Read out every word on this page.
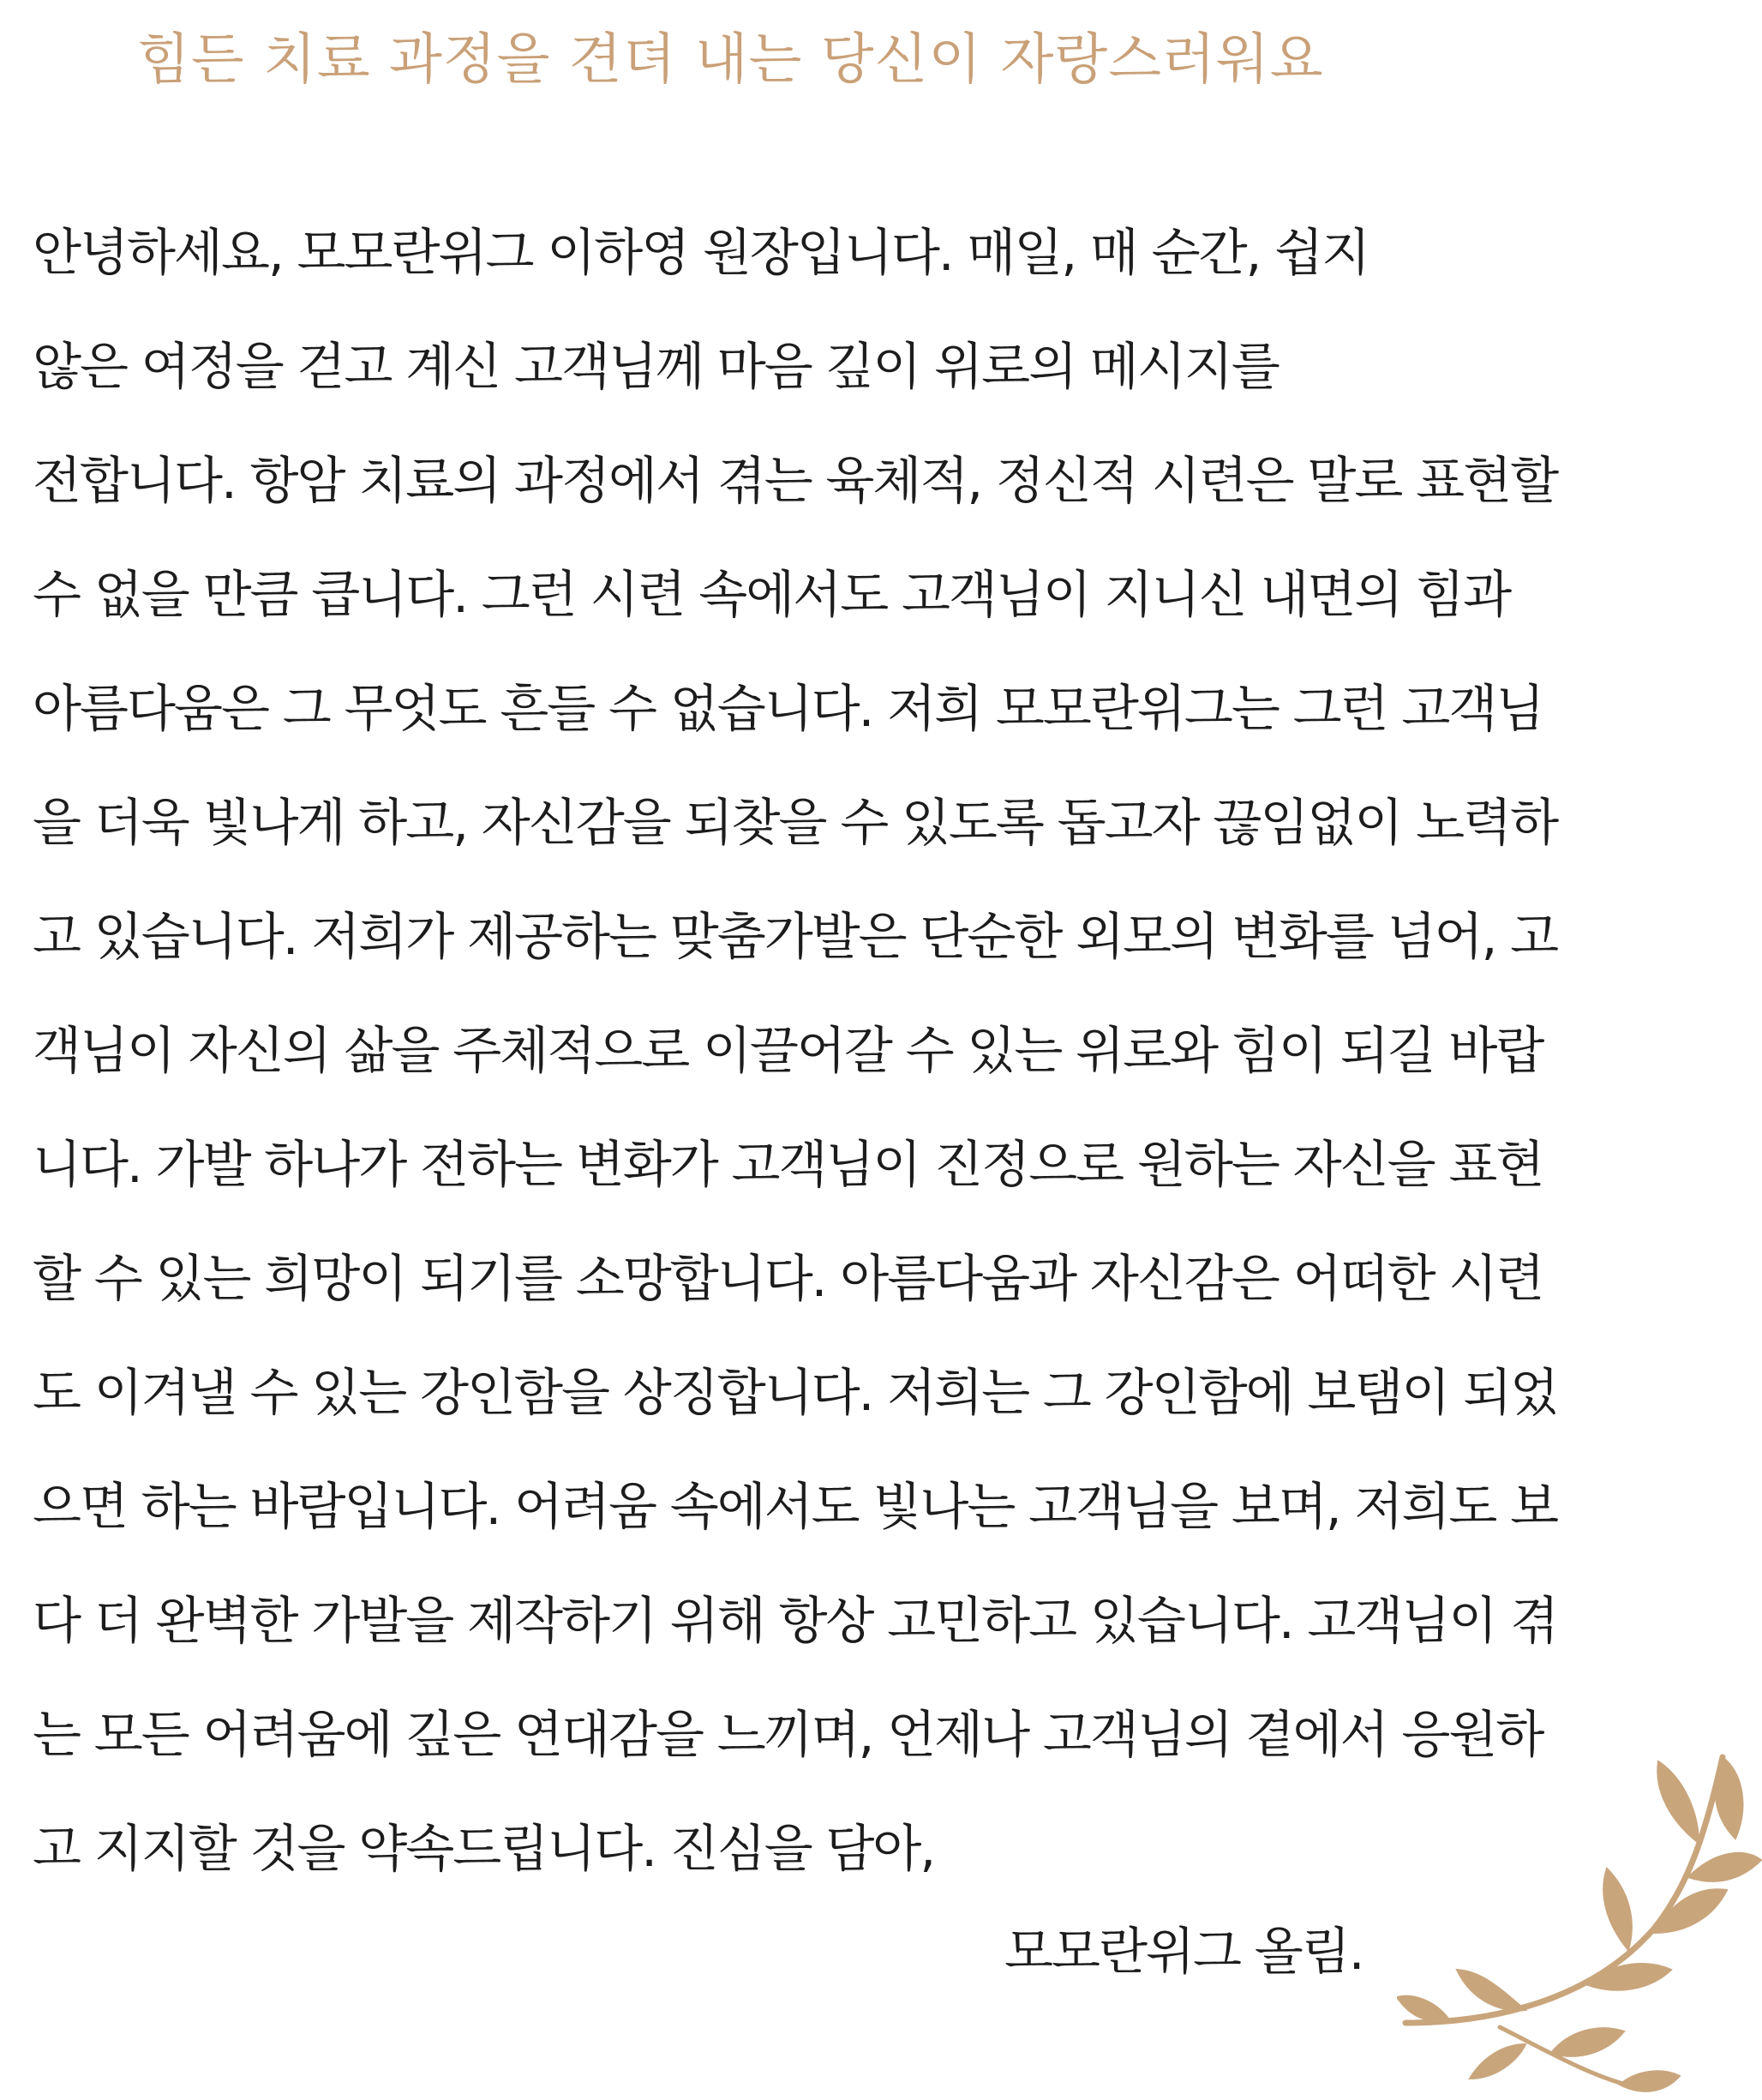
힘든 치료 과정을 견뎌 내는 당신이 자랑스러워요
안녕하세요, 모모란위그 이하영 원장입니다. 매일, 매 순간, 쉽지
않은 여정을 걷고 계신 고객님께 마음 깊이 위로의 메시지를
전합니다. 항암 치료의 과정에서 겪는 육체적, 정신적 시련은 말로 표현할
수 없을 만큼 큽니다. 그런 시련 속에서도 고객님이 지니신 내면의 힘과
아름다움은 그 무엇도 흔들 수 없습니다. 저희 모모란위그는 그런 고객님
을 더욱 빛나게 하고, 자신감을 되찾을 수 있도록 돕고자 끊임없이 노력하
고 있습니다. 저희가 제공하는 맞춤가발은 단순한 외모의 변화를 넘어, 고
객님이 자신의 삶을 주체적으로 이끌어갈 수 있는 위로와 힘이 되길 바랍
니다. 가발 하나가 전하는 변화가 고객님이 진정으로 원하는 자신을 표현
할 수 있는 희망이 되기를 소망합니다. 아름다움과 자신감은 어떠한 시련
도 이겨낼 수 있는 강인함을 상징합니다. 저희는 그 강인함에 보탬이 되었
으면 하는 바람입니다. 어려움 속에서도 빛나는 고객님을 보며, 저희도 보
다 더 완벽한 가발을 제작하기 위해 항상 고민하고 있습니다. 고객님이 겪
는 모든 어려움에 깊은 연대감을 느끼며, 언제나 고객님의 곁에서 응원하
고 지지할 것을 약속드립니다. 진심을 담아,
모모란위그 올림.
